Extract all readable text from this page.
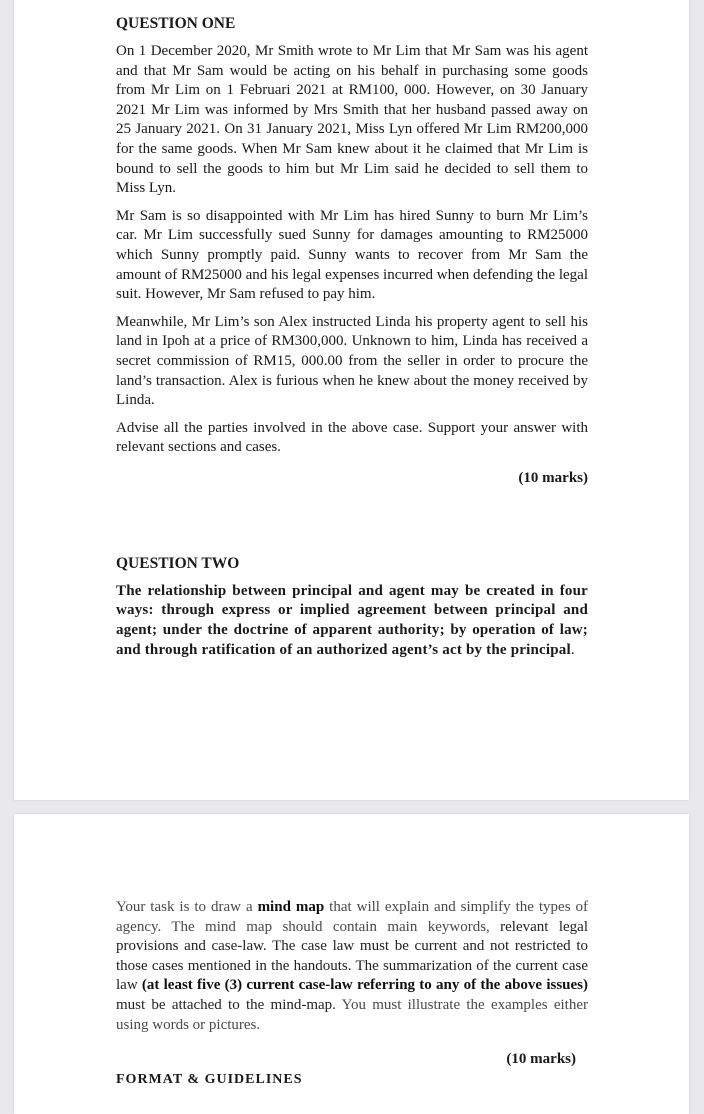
QUESTION ONE

On 1 December 2020, Mr Smith wrote to Mr Lim that Mr Sam was his agent and that Mr Sam would be acting on his behalf in purchasing some goods from Mr Lim on 1 Februari 2021 at RM100, 000. However, on 30 January 2021 Mr Lim was informed by Mrs Smith that her husband passed away on 25 January 2021. On 31 January 2021, Miss Lyn offered Mr Lim RM200,000 for the same goods. When Mr Sam knew about it he claimed that Mr Lim is bound to sell the goods to him but Mr Lim said he decided to sell them to Miss Lyn.

Mr Sam is so disappointed with Mr Lim has hired Sunny to burn Mr Lim’s car. Mr Lim successfully sued Sunny for damages amounting to RM25000 which Sunny promptly paid. Sunny wants to recover from Mr Sam the amount of RM25000 and his legal expenses incurred when defending the legal suit. However, Mr Sam refused to pay him.

Meanwhile, Mr Lim’s son Alex instructed Linda his property agent to sell his land in Ipoh at a price of RM300,000. Unknown to him, Linda has received a secret commission of RM15, 000.00 from the seller in order to procure the land’s transaction. Alex is furious when he knew about the money received by Linda.

Advise all the parties involved in the above case. Support your answer with relevant sections and cases.

(10 marks)
QUESTION TWO

The relationship between principal and agent may be created in four ways: through express or implied agreement between principal and agent; under the doctrine of apparent authority; by operation of law; and through ratification of an authorized agent’s act by the principal.

Your task is to draw a mind map that will explain and simplify the types of agency. The mind map should contain main keywords, relevant legal provisions and case-law. The case law must be current and not restricted to those cases mentioned in the handouts. The summarization of the current case law (at least five (3) current case-law referring to any of the above issues) must be attached to the mind-map. You must illustrate the examples either using words or pictures.

(10 marks)
FORMAT & GUIDELINES
